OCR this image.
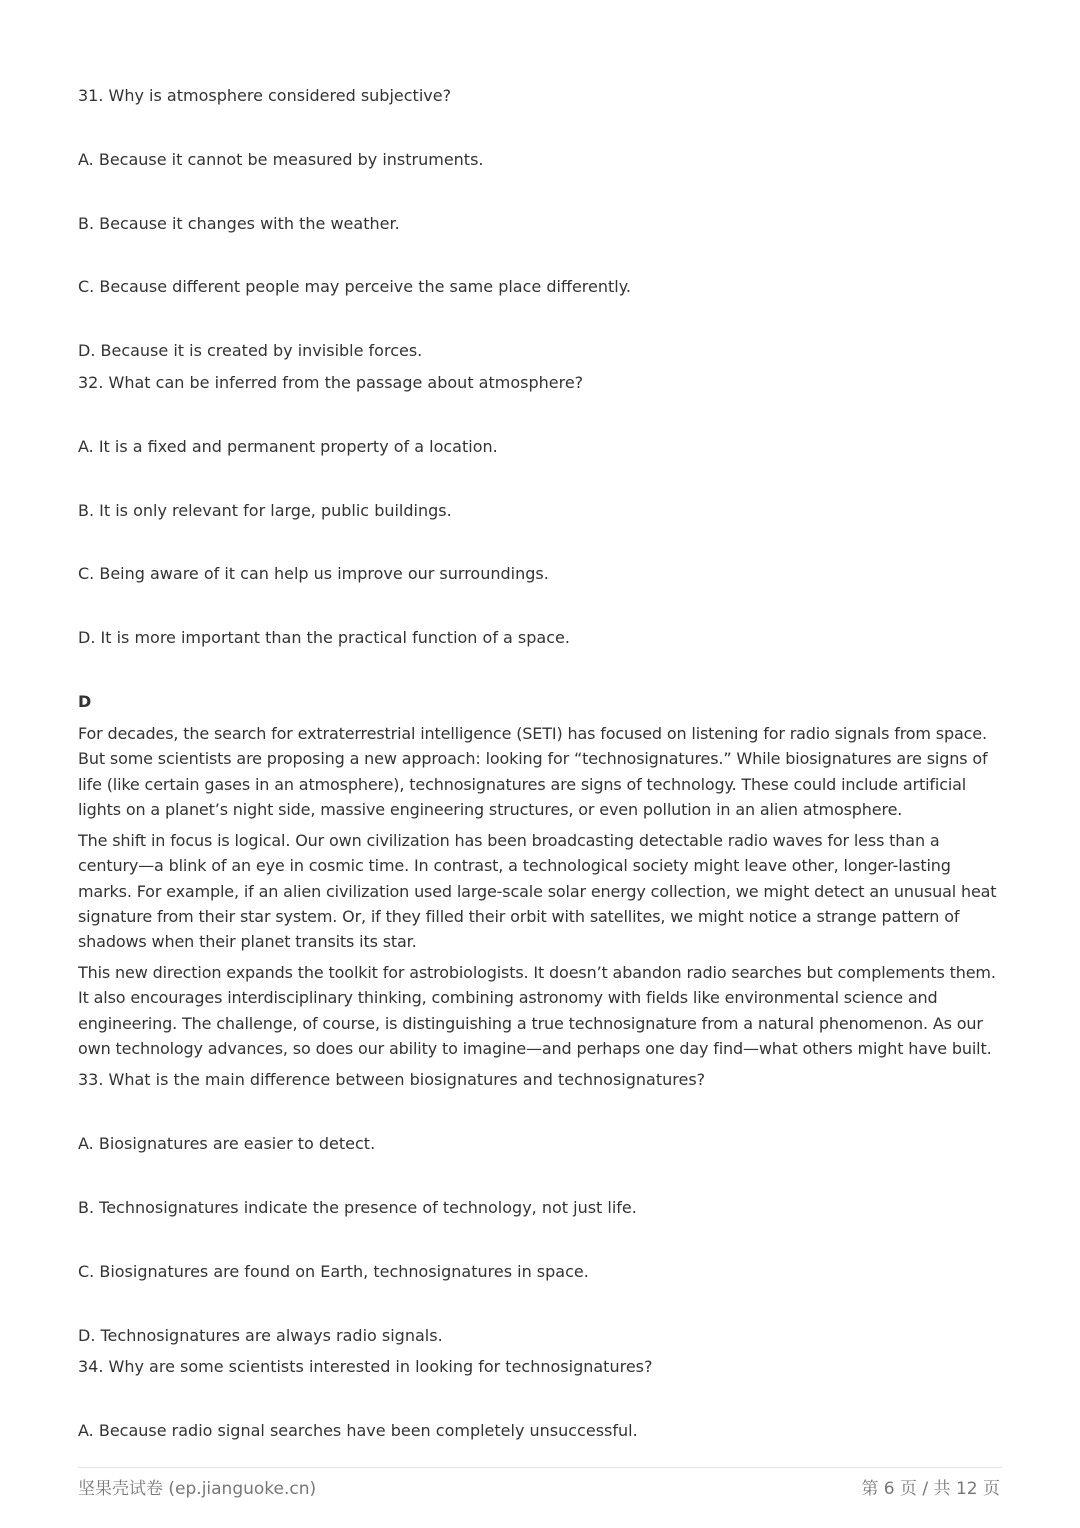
31. Why is atmosphere considered subjective?
A. Because it cannot be measured by instruments.
B. Because it changes with the weather.
C. Because different people may perceive the same place differently.
D. Because it is created by invisible forces.
32. What can be inferred from the passage about atmosphere?
A. It is a fixed and permanent property of a location.
B. It is only relevant for large, public buildings.
C. Being aware of it can help us improve our surroundings.
D. It is more important than the practical function of a space.
D
For decades, the search for extraterrestrial intelligence (SETI) has focused on listening for radio signals from space. But some scientists are proposing a new approach: looking for “technosignatures.” While biosignatures are signs of life (like certain gases in an atmosphere), technosignatures are signs of technology. These could include artificial lights on a planet’s night side, massive engineering structures, or even pollution in an alien atmosphere.
The shift in focus is logical. Our own civilization has been broadcasting detectable radio waves for less than a century—a blink of an eye in cosmic time. In contrast, a technological society might leave other, longer-lasting marks. For example, if an alien civilization used large-scale solar energy collection, we might detect an unusual heat signature from their star system. Or, if they filled their orbit with satellites, we might notice a strange pattern of shadows when their planet transits its star.
This new direction expands the toolkit for astrobiologists. It doesn’t abandon radio searches but complements them. It also encourages interdisciplinary thinking, combining astronomy with fields like environmental science and engineering. The challenge, of course, is distinguishing a true technosignature from a natural phenomenon. As our own technology advances, so does our ability to imagine—and perhaps one day find—what others might have built.
33. What is the main difference between biosignatures and technosignatures?
A. Biosignatures are easier to detect.
B. Technosignatures indicate the presence of technology, not just life.
C. Biosignatures are found on Earth, technosignatures in space.
D. Technosignatures are always radio signals.
34. Why are some scientists interested in looking for technosignatures?
A. Because radio signal searches have been completely unsuccessful.
坚果壳试卷 (ep.jianguoke.cn)	第 6 页 / 共 12 页
